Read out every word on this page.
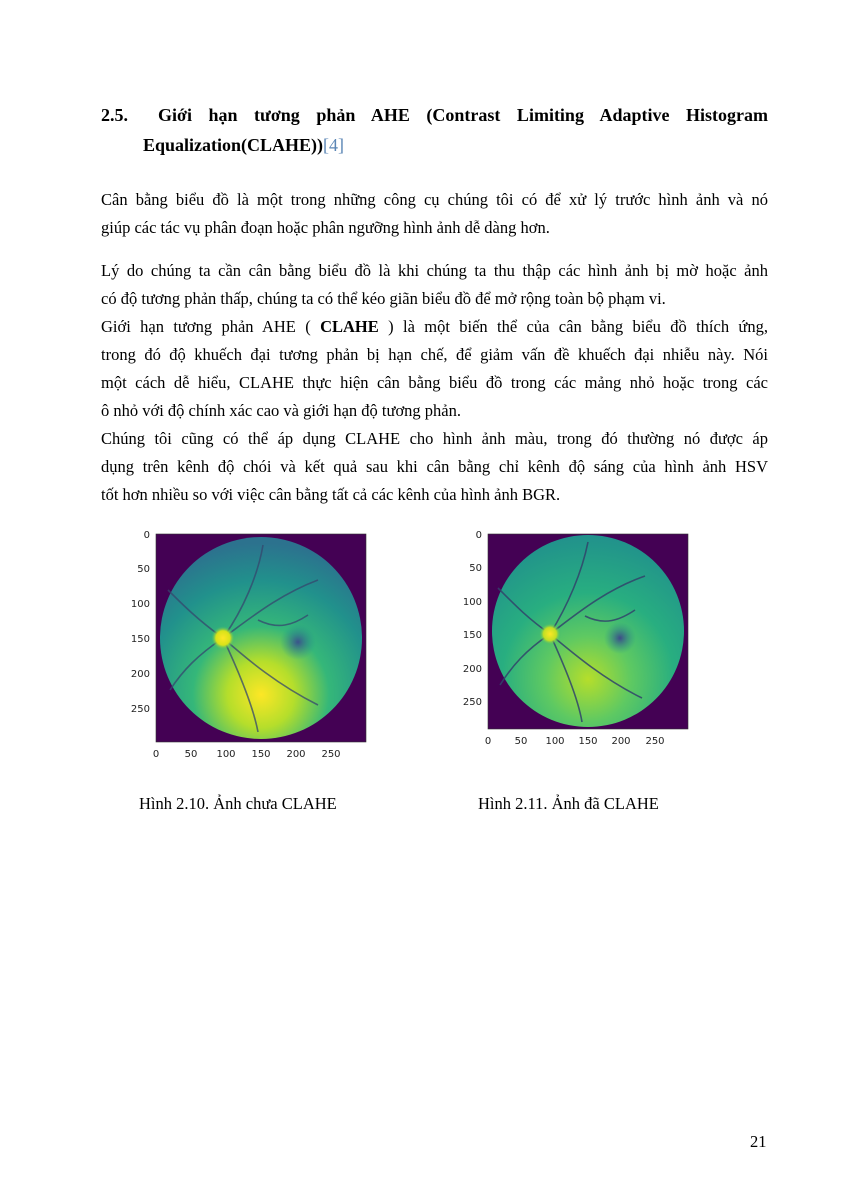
2.5. Giới hạn tương phản AHE (Contrast Limiting Adaptive Histogram
Equalization(CLAHE))[4]
Cân bằng biểu đồ là một trong những công cụ chúng tôi có để xử lý trước hình ảnh và nó
giúp các tác vụ phân đoạn hoặc phân ngưỡng hình ảnh dễ dàng hơn.
Lý do chúng ta cần cân bằng biểu đồ là khi chúng ta thu thập các hình ảnh bị mờ hoặc ảnh
có độ tương phản thấp, chúng ta có thể kéo giãn biểu đồ để mở rộng toàn bộ phạm vi.
Giới hạn tương phản AHE ( CLAHE ) là một biến thể của cân bằng biểu đồ thích ứng,
trong đó độ khuếch đại tương phản bị hạn chế, để giảm vấn đề khuếch đại nhiễu này. Nói
một cách dễ hiểu, CLAHE thực hiện cân bằng biểu đồ trong các mảng nhỏ hoặc trong các
ô nhỏ với độ chính xác cao và giới hạn độ tương phản.
Chúng tôi cũng có thể áp dụng CLAHE cho hình ảnh màu, trong đó thường nó được áp
dụng trên kênh độ chói và kết quả sau khi cân bằng chỉ kênh độ sáng của hình ảnh HSV
tốt hơn nhiều so với việc cân bằng tất cả các kênh của hình ảnh BGR.
0
50
100
150
200
250
0	50 100 150 200 250
0
50
100
150
200
250
0 50 100 150 200 250
Hình 2.10. Ảnh chưa CLAHE	Hình 2.11. Ảnh đã CLAHE
21
